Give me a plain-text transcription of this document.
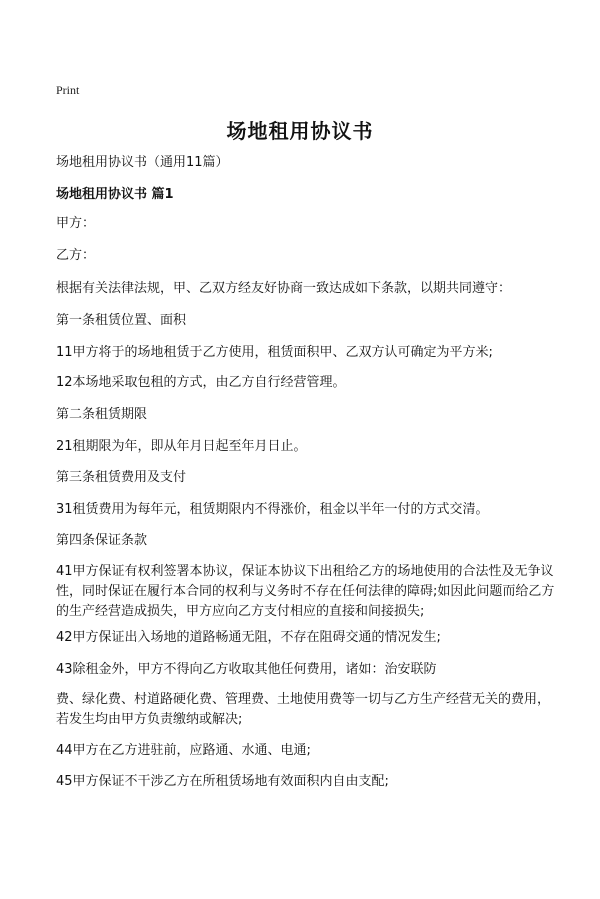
Print
场地租用协议书
场地租用协议书（通用11篇）
场地租用协议书 篇1
甲方：
乙方：
根据有关法律法规，甲、乙双方经友好协商一致达成如下条款，以期共同遵守：
第一条租赁位置、面积
11甲方将于的场地租赁于乙方使用，租赁面积甲、乙双方认可确定为平方米;
12本场地采取包租的方式，由乙方自行经营管理。
第二条租赁期限
21租期限为年，即从年月日起至年月日止。
第三条租赁费用及支付
31租赁费用为每年元，租赁期限内不得涨价，租金以半年一付的方式交清。
第四条保证条款
41甲方保证有权利签署本协议，保证本协议下出租给乙方的场地使用的合法性及无争议性，同时保证在履行本合同的权利与义务时不存在任何法律的障碍;如因此问题而给乙方的生产经营造成损失，甲方应向乙方支付相应的直接和间接损失;
42甲方保证出入场地的道路畅通无阻，不存在阻碍交通的情况发生;
43除租金外，甲方不得向乙方收取其他任何费用，诸如：治安联防
费、绿化费、村道路硬化费、管理费、土地使用费等一切与乙方生产经营无关的费用，若发生均由甲方负责缴纳或解决;
44甲方在乙方进驻前，应路通、水通、电通;
45甲方保证不干涉乙方在所租赁场地有效面积内自由支配;
